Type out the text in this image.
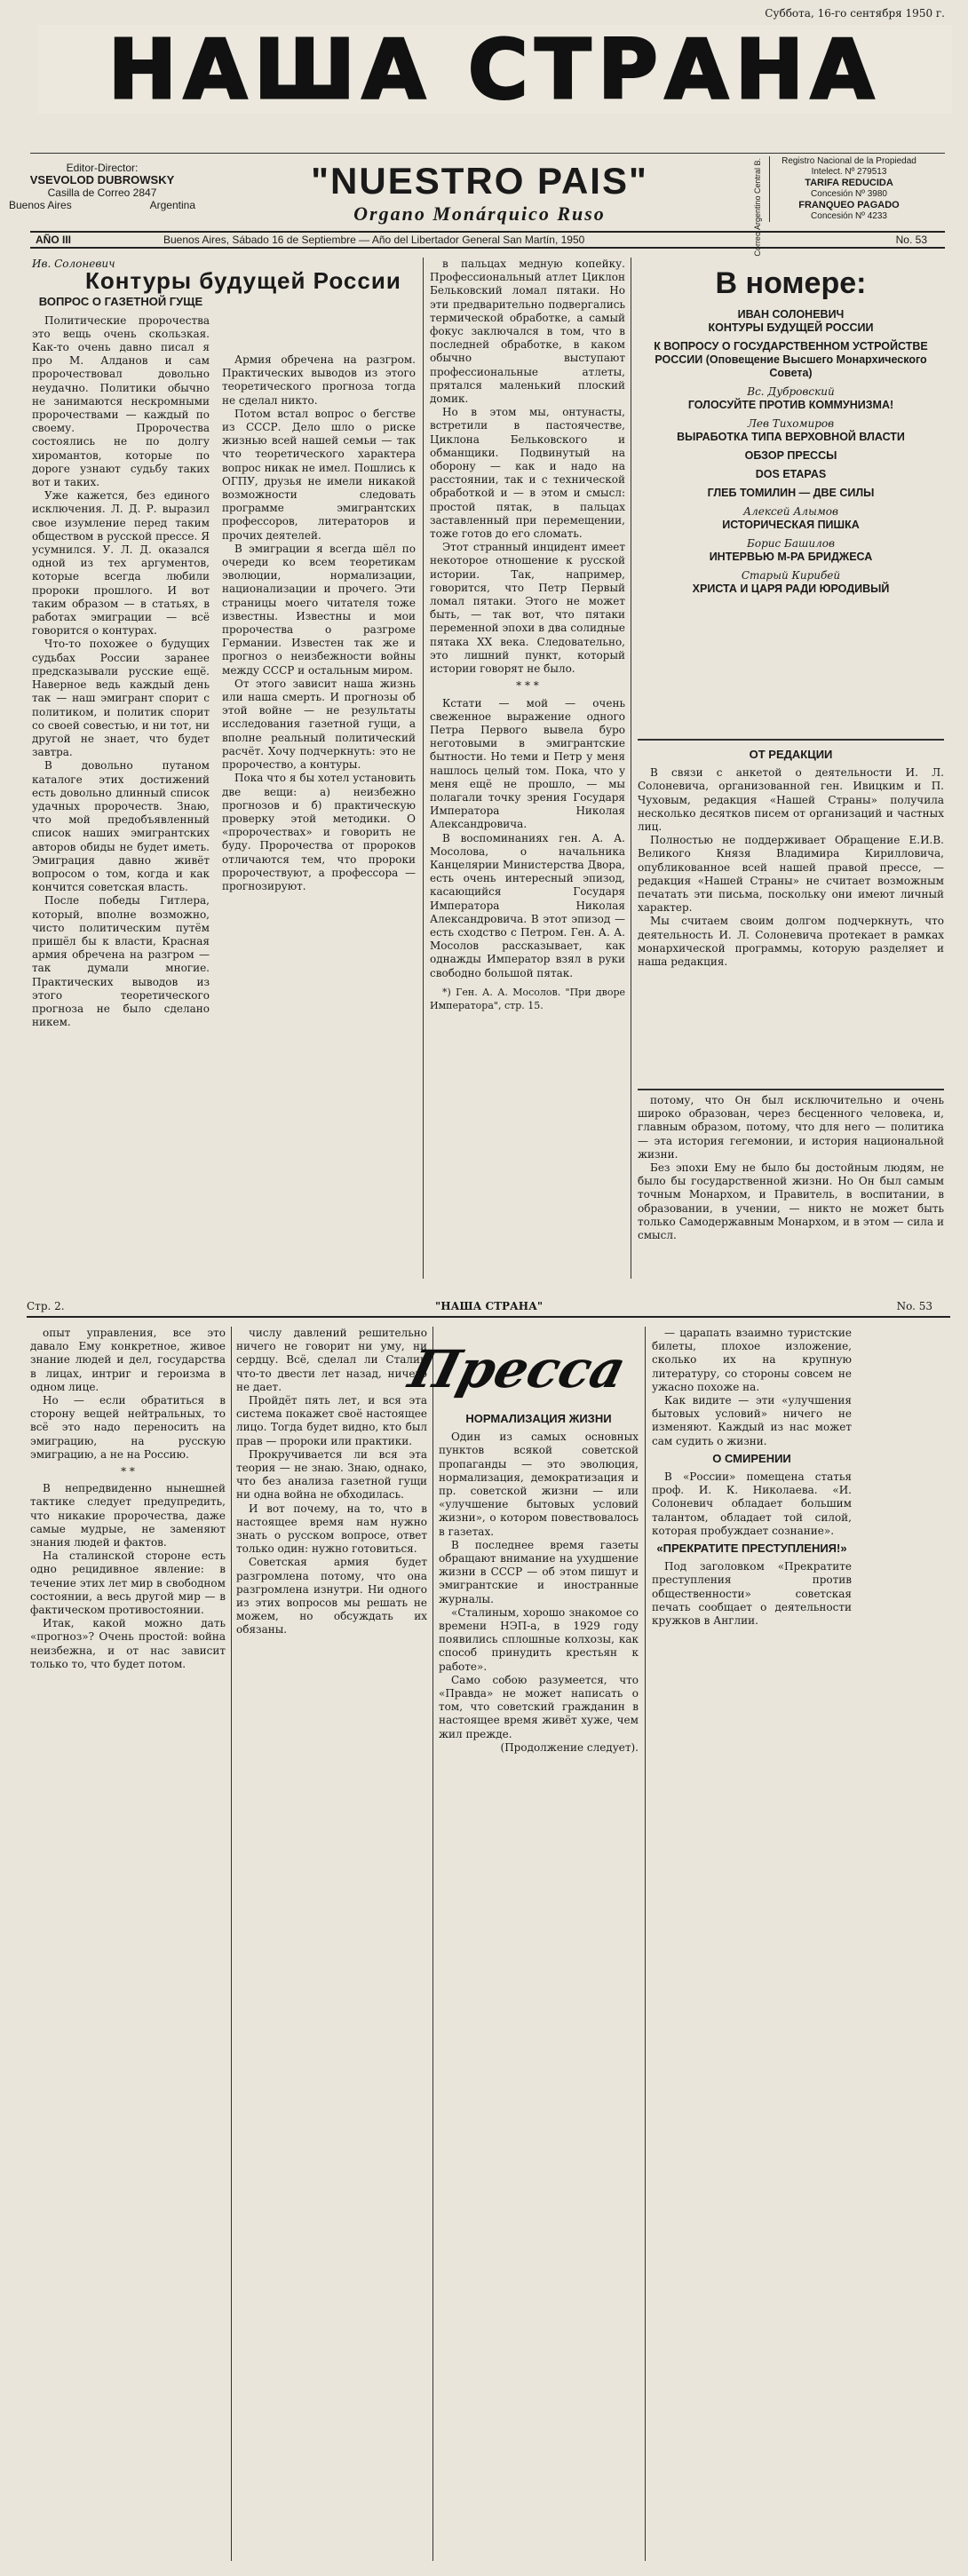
Суббота, 16-го сентября 1950 г.
НАША СТРАНА
Editor-Director:
VSEVOLOD DUBROWSKY
Casilla de Correo 2847
Buenos Aires	Argentina
"NUESTRO PAIS"
Organo Monárquico Ruso	Correo Argentino Central B.	Registro Nacional de la Propiedad Intelect. Nº 279513
TARIFA REDUCIDA
Concesión Nº 3980
FRANQUEO PAGADO
Concesión Nº 4233
AÑO III	Buenos Aires, Sábado 16 de Septiembre — Año del Libertador General San Martín, 1950	No. 53
Ив. Солоневич
Контуры будущей России
ВОПРОС О ГАЗЕТНОЙ ГУЩЕ

Политические пророчества это вещь очень скользкая. Как-то очень давно писал я про М. Алданов и сам пророчествовал довольно неудачно. Политики обычно не занимаются нескромными пророчествами — каждый по своему. Пророчества состоялись не по долгу хиромантов, которые по дороге узнают судьбу таких вот и таких.

Уже кажется, без единого исключения. Л. Д. Р. выразил свое изумление перед таким обществом в русской прессе. Я усумнился. У. Л. Д. оказался одной из тех аргументов, которые всегда любили пророки прошлого. И вот таким образом — в статьях, в работах эмиграции — всё говорится о контурах.

Что-то похожее о будущих судьбах России заранее предсказывали русские ещё. Наверное ведь каждый день так — наш эмигрант спорит с политиком, и политик спорит со своей совестью, и ни тот, ни другой не знает, что будет завтра.

В довольно путаном каталоге этих достижений есть довольно длинный список удачных пророчеств. Знаю, что мой предобъявленный список наших эмигрантских авторов обиды не будет иметь. Эмиграция давно живёт вопросом о том, когда и как кончится советская власть.

После победы Гитлера, который, вполне возможно, чисто политическим путём пришёл бы к власти, Красная армия обречена на разгром — так думали многие. Практических выводов из этого теоретического прогноза не было сделано никем.

Армия обречена на разгром. Практических выводов из этого теоретического прогноза тогда не сделал никто.

Потом встал вопрос о бегстве из СССР. Дело шло о риске жизнью всей нашей семьи — так что теоретического характера вопрос никак не имел. Пошлись к ОГПУ, друзья не имели никакой возможности следовать программе эмигрантских профессоров, литераторов и прочих деятелей.

В эмиграции я всегда шёл по очереди ко всем теоретикам эволюции, нормализации, национализации и прочего. Эти страницы моего читателя тоже известны. Известны и мои пророчества о разгроме Германии. Известен так же и прогноз о неизбежности войны между СССР и остальным миром.

От этого зависит наша жизнь или наша смерть. И прогнозы об этой войне — не результаты исследования газетной гущи, а вполне реальный политический расчёт. Хочу подчеркнуть: это не пророчество, а контуры.

Пока что я бы хотел установить две вещи: а) неизбежно прогнозов и б) практическую проверку этой методики. О «пророчествах» и говорить не буду. Пророчества от пророков отличаются тем, что пророки пророчествуют, а профессора — прогнозируют.

в пальцах медную копейку. Профессиональный атлет Циклон Бельковский ломал пятаки. Но эти предварительно подвергались термической обработке, а самый фокус заключался в том, что в последней обработке, в каком обычно выступают профессиональные атлеты, прятался маленький плоский домик.

Но в этом мы, онтунасты, встретили в пастоячестве, Циклона Бельковского и обманщики. Подвинутый на оборону — как и надо на расстоянии, так и с технической обработкой и — в этом и смысл: простой пятак, в пальцах заставленный при перемещении, тоже готов до его сломать.

Этот странный инцидент имеет некоторое отношение к русской истории. Так, например, говорится, что Петр Первый ломал пятаки. Этого не может быть, — так вот, что пятаки переменной эпохи в два солидные пятака XX века. Следовательно, это лишний пункт, который истории говорят не было.

* * *

Кстати — мой — очень свеженное выражение одного Петра Первого вывела буро неготовыми в эмигрантские бытности. Но теми и Петр у меня нашлось целый том. Пока, что у меня ещё не прошло, — мы полагали точку зрения Государя Императора Николая Александровича.

В воспоминаниях ген. А. А. Мосолова, о начальника Канцелярии Министерства Двора, есть очень интересный эпизод, касающийся Государя Императора Николая Александровича. В этот эпизод — есть сходство с Петром. Ген. А. А. Мосолов рассказывает, как однажды Император взял в руки свободно большой пятак.

*) Ген. А. А. Мосолов. "При дворе Императора", стр. 15.

В номере:
ИВАН СОЛОНЕВИЧ
КОНТУРЫ БУДУЩЕЙ РОССИИ
К ВОПРОСУ О ГОСУДАРСТВЕННОМ УСТРОЙСТВЕ РОССИИ (Оповещение Высшего Монархического Совета)
Вс. Дубровский
ГОЛОСУЙТЕ ПРОТИВ КОММУНИЗМА!
Лев Тихомиров
ВЫРАБОТКА ТИПА ВЕРХОВНОЙ ВЛАСТИ
ОБЗОР ПРЕССЫ
DOS ETAPAS
ГЛЕБ ТОМИЛИН — ДВЕ СИЛЫ
Алексей Алымов
ИСТОРИЧЕСКАЯ ПИШКА
Борис Башилов
ИНТЕРВЬЮ М-РА БРИДЖЕСА
Старый Кирибей
ХРИСТА И ЦАРЯ РАДИ ЮРОДИВЫЙ
ОТ РЕДАКЦИИ

В связи с анкетой о деятельности И. Л. Солоневича, организованной ген. Ивицким и П. Чуховым, редакция «Нашей Страны» получила несколько десятков писем от организаций и частных лиц.

Полностью не поддерживает Обращение Е.И.В. Великого Князя Владимира Кирилловича, опубликованное всей нашей правой прессе, — редакция «Нашей Страны» не считает возможным печатать эти письма, поскольку они имеют личный характер.

Мы считаем своим долгом подчеркнуть, что деятельность И. Л. Солоневича протекает в рамках монархической программы, которую разделяет и наша редакция.

потому, что Он был исключительно и очень широко образован, через бесценного человека, и, главным образом, потому, что для него — политика — эта история гегемонии, и история национальной жизни.

Без эпохи Ему не было бы достойным людям, не было бы государственной жизни. Но Он был самым точным Монархом, и Правитель, в воспитании, в образовании, в учении, — никто не может быть только Самодержавным Монархом, и в этом — сила и смысл.

Стр. 2.	"НАША СТРАНА"	No. 53

опыт управления, все это давало Ему конкретное, живое знание людей и дел, государства в лицах, интриг и героизма в одном лице.

Но — если обратиться в сторону вещей нейтральных, то всё это надо переносить на эмиграцию, на русскую эмиграцию, а не на Россию.

* *

В непредвиденно нынешней тактике следует предупредить, что никакие пророчества, даже самые мудрые, не заменяют знания людей и фактов.

На сталинской стороне есть одно рецидивное явление: в течение этих лет мир в свободном состоянии, а весь другой мир — в фактическом противостоянии.

Итак, какой можно дать «прогноз»? Очень простой: война неизбежна, и от нас зависит только то, что будет потом.

числу давлений решительно ничего не говорит ни уму, ни сердцу. Всё, сделал ли Сталин что-то двести лет назад, ничего не дает.

Пройдёт пять лет, и вся эта система покажет своё настоящее лицо. Тогда будет видно, кто был прав — пророки или практики.

Прокручивается ли вся эта теория — не знаю. Знаю, однако, что без анализа газетной гущи ни одна война не обходилась.

И вот почему, на то, что в настоящее время нам нужно знать о русском вопросе, ответ только один: нужно готовиться.

Советская армия будет разгромлена потому, что она разгромлена изнутри. Ни одного из этих вопросов мы решать не можем, но обсуждать их обязаны.

Пресса
НОРМАЛИЗАЦИЯ ЖИЗНИ

Один из самых основных пунктов всякой советской пропаганды — это эволюция, нормализация, демократизация и пр. советской жизни — или «улучшение бытовых условий жизни», о котором повествовалось в газетах.

В последнее время газеты обращают внимание на ухудшение жизни в СССР — об этом пишут и эмигрантские и иностранные журналы.

«Сталиным, хорошо знакомое со времени НЭП-а, в 1929 году появились сплошные колхозы, как способ принудить крестьян к работе».

Само собою разумеется, что «Правда» не может написать о том, что советский гражданин в настоящее время живёт хуже, чем жил прежде.

(Продолжение следует).

— царапать взаимно туристские билеты, плохое изложение, сколько их на крупную литературу, со стороны совсем не ужасно похоже на.

Как видите — эти «улучшения бытовых условий» ничего не изменяют. Каждый из нас может сам судить о жизни.

О СМИРЕНИИ

В «России» помещена статья проф. И. К. Николаева. «И. Солоневич обладает большим талантом, обладает той силой, которая пробуждает сознание».

«ПРЕКРАТИТЕ ПРЕСТУПЛЕНИЯ!»

Под заголовком «Прекратите преступления против общественности» советская печать сообщает о деятельности кружков в Англии.
